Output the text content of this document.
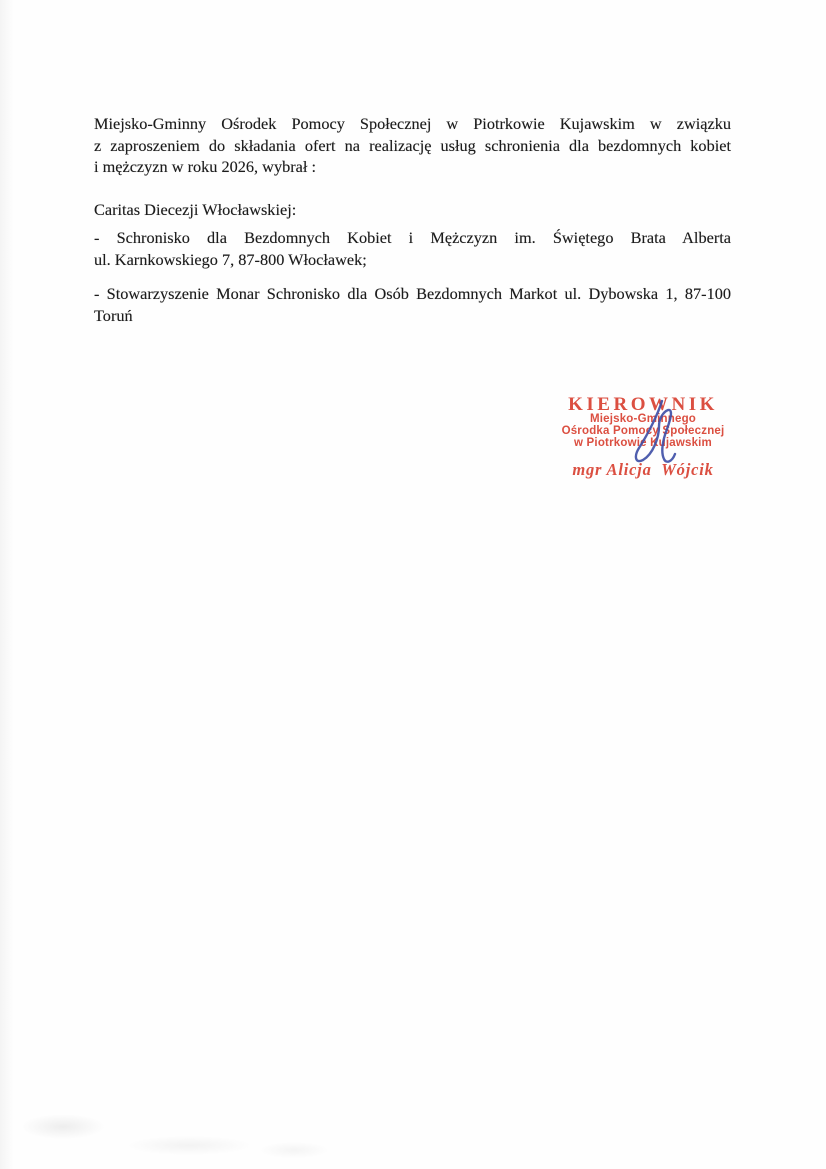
Miejsko-Gminny Ośrodek Pomocy Społecznej w Piotrkowie Kujawskim w związku
z zaproszeniem do składania ofert na realizację usług schronienia dla bezdomnych kobiet
i mężczyzn w roku 2026, wybrał :

Caritas Diecezji Włocławskiej:

- Schronisko dla Bezdomnych Kobiet i Mężczyzn im. Świętego Brata Alberta
ul. Karnkowskiego 7, 87-800 Włocławek;

- Stowarzyszenie Monar Schronisko dla Osób Bezdomnych Markot ul. Dybowska 1, 87-100
Toruń

KIEROWNIK
Miejsko-Gminnego
Ośrodka Pomocy Społecznej
w Piotrkowie Kujawskim
mgr Alicja  Wójcik
